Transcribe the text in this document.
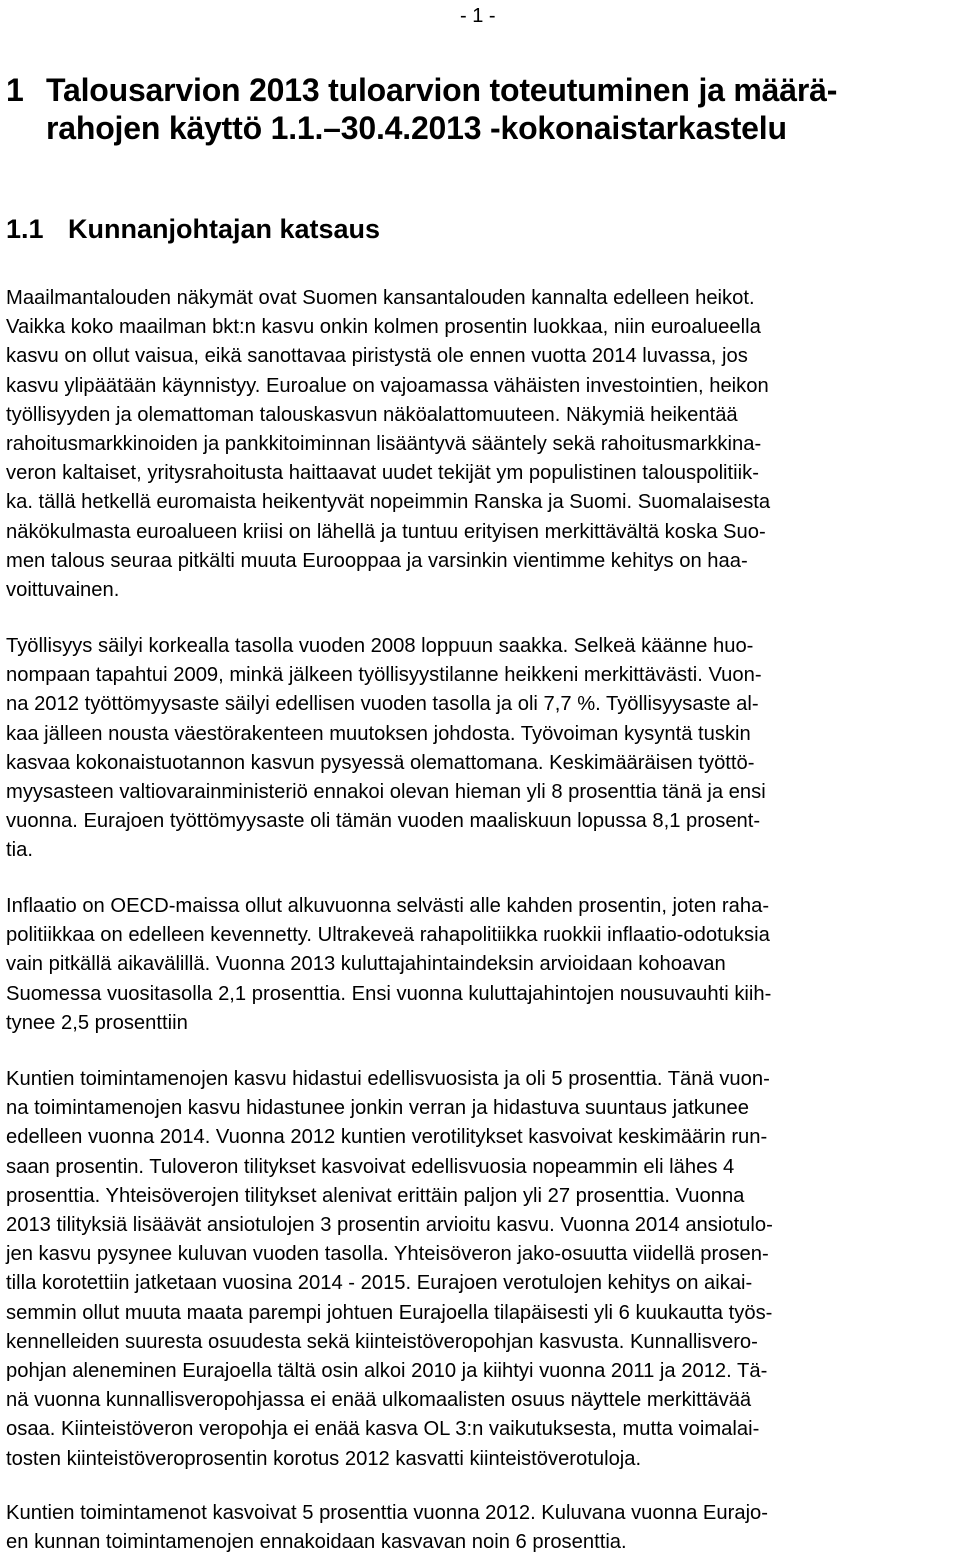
- 1 -
1 Talousarvion 2013 tuloarvion toteutuminen ja määrä-
rahojen käyttö 1.1.–30.4.2013 -kokonaistarkastelu
1.1 Kunnanjohtajan katsaus
Maailmantalouden näkymät ovat Suomen kansantalouden kannalta edelleen heikot.
Vaikka koko maailman bkt:n kasvu onkin kolmen prosentin luokkaa, niin euroalueella
kasvu on ollut vaisua, eikä sanottavaa piristystä ole ennen vuotta 2014 luvassa, jos
kasvu ylipäätään käynnistyy. Euroalue on vajoamassa vähäisten investointien, heikon
työllisyyden ja olemattoman talouskasvun näköalattomuuteen. Näkymiä heikentää
rahoitusmarkkinoiden ja pankkitoiminnan lisääntyvä sääntely sekä rahoitusmarkkina-
veron kaltaiset, yritysrahoitusta haittaavat uudet tekijät ym populistinen talouspolitiik-
ka. tällä hetkellä euromaista heikentyvät nopeimmin Ranska ja Suomi. Suomalaisesta
näkökulmasta euroalueen kriisi on lähellä ja tuntuu erityisen merkittävältä koska Suo-
men talous seuraa pitkälti muuta Eurooppaa ja varsinkin vientimme kehitys on haa-
voittuvainen.
Työllisyys säilyi korkealla tasolla vuoden 2008 loppuun saakka. Selkeä käänne huo-
nompaan tapahtui 2009, minkä jälkeen työllisyystilanne heikkeni merkittävästi. Vuon-
na 2012 työttömyysaste säilyi edellisen vuoden tasolla ja oli 7,7 %. Työllisyysaste al-
kaa jälleen nousta väestörakenteen muutoksen johdosta. Työvoiman kysyntä tuskin
kasvaa kokonaistuotannon kasvun pysyessä olemattomana. Keskimääräisen työttö-
myysasteen valtiovarainministeriö ennakoi olevan hieman yli 8 prosenttia tänä ja ensi
vuonna. Eurajoen työttömyysaste oli tämän vuoden maaliskuun lopussa 8,1 prosent-
tia.
Inflaatio on OECD-maissa ollut alkuvuonna selvästi alle kahden prosentin, joten raha-
politiikkaa on edelleen kevennetty. Ultrakeveä rahapolitiikka ruokkii inflaatio-odotuksia
vain pitkällä aikavälillä. Vuonna 2013 kuluttajahintaindeksin arvioidaan kohoavan
Suomessa vuositasolla 2,1 prosenttia. Ensi vuonna kuluttajahintojen nousuvauhti kiih-
tynee 2,5 prosenttiin
Kuntien toimintamenojen kasvu hidastui edellisvuosista ja oli 5 prosenttia. Tänä vuon-
na toimintamenojen kasvu hidastunee jonkin verran ja hidastuva suuntaus jatkunee
edelleen vuonna 2014. Vuonna 2012 kuntien verotilitykset kasvoivat keskimäärin run-
saan prosentin. Tuloveron tilitykset kasvoivat edellisvuosia nopeammin eli lähes 4
prosenttia. Yhteisöverojen tilitykset alenivat erittäin paljon yli 27 prosenttia. Vuonna
2013 tilityksiä lisäävät ansiotulojen 3 prosentin arvioitu kasvu. Vuonna 2014 ansiotulo-
jen kasvu pysynee kuluvan vuoden tasolla. Yhteisöveron jako-osuutta viidellä prosen-
tilla korotettiin jatketaan vuosina 2014 - 2015. Eurajoen verotulojen kehitys on aikai-
semmin ollut muuta maata parempi johtuen Eurajoella tilapäisesti yli 6 kuukautta työs-
kennelleiden suuresta osuudesta sekä kiinteistöveropohjan kasvusta. Kunnallisvero-
pohjan aleneminen Eurajoella tältä osin alkoi 2010 ja kiihtyi vuonna 2011 ja 2012. Tä-
nä vuonna kunnallisveropohjassa ei enää ulkomaalisten osuus näyttele merkittävää
osaa. Kiinteistöveron veropohja ei enää kasva OL 3:n vaikutuksesta, mutta voimalai-
tosten kiinteistöveroprosentin korotus 2012 kasvatti kiinteistöverotuloja.
Kuntien toimintamenot kasvoivat 5 prosenttia vuonna 2012. Kuluvana vuonna Eurajo-
en kunnan toimintamenojen ennakoidaan kasvavan noin 6 prosenttia.
